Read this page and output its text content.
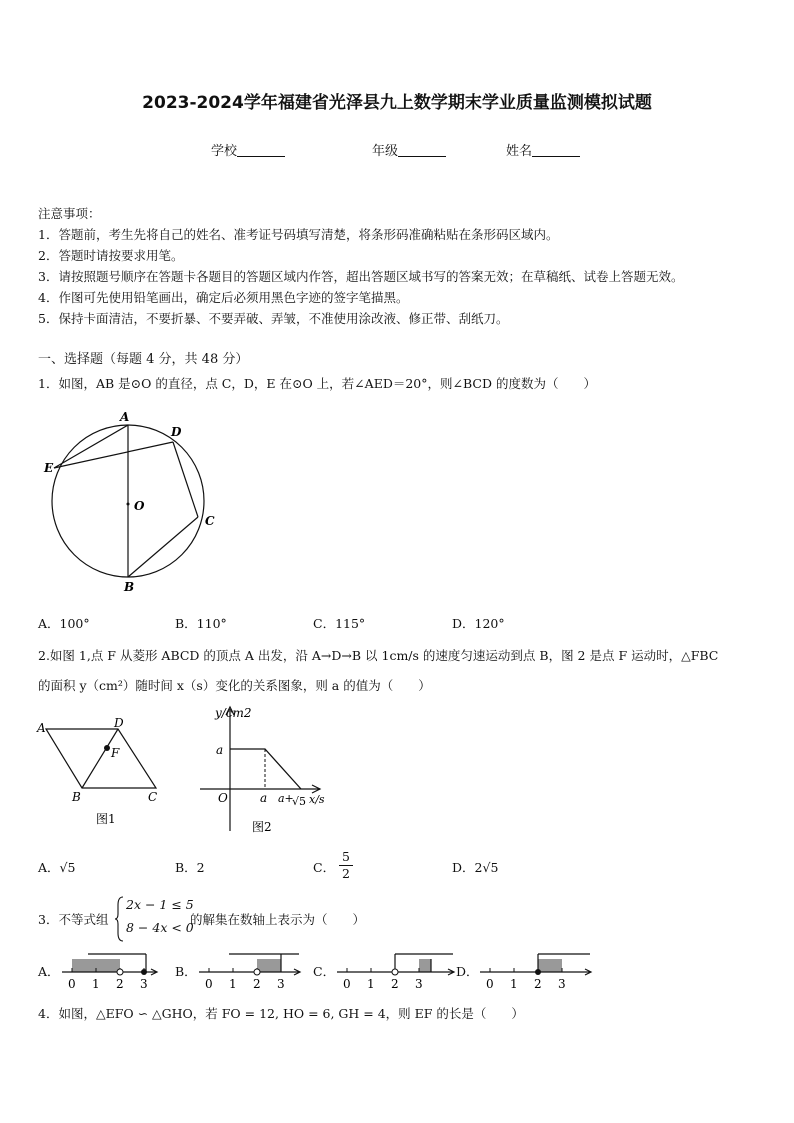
2023-2024学年福建省光泽县九上数学期末学业质量监测模拟试题
学校	年级	姓名
注意事项：
1．答题前，考生先将自己的姓名、准考证号码填写清楚，将条形码准确粘贴在条形码区域内。
2．答题时请按要求用笔。
3．请按照题号顺序在答题卡各题目的答题区域内作答，超出答题区域书写的答案无效；在草稿纸、试卷上答题无效。
4．作图可先使用铅笔画出，确定后必须用黑色字迹的签字笔描黑。
5．保持卡面清洁，不要折暴、不要弄破、弄皱，不准使用涂改液、修正带、刮纸刀。
一、选择题（每题 4 分，共 48 分）
1．如图，AB 是⊙O 的直径，点 C，D，E 在⊙O 上，若∠AED＝20°，则∠BCD 的度数为（　　）
A
D
E
O
C
B
A．100°	B．110°	C．115°	D．120°
2.如图 1,点 F 从菱形 ABCD 的顶点 A 出发，沿 A→D→B 以 1cm/s 的速度匀速运动到点 B，图 2 是点 F 运动时，△FBC
的面积 y（cm²）随时间 x（s）变化的关系图象，则 a 的值为（　　）
A	D
F
B	C
图1
y/cm2
a
O	a a+
√5 x/s
图2
A．√5	B．2	C． $\frac{5}{2}$	D．2√5
3．不等式组
2x − 1 ≤ 5
8 − 4x < 0
的解集在数轴上表示为（　　）
A．
0 1 2 3
B．
0 1 2 3
C．
0 1 2 3
D．
0 1 2 3
4．如图，△EFO ∽ △GHO，若 FO = 12, HO = 6, GH = 4，则 EF 的长是（　　）
